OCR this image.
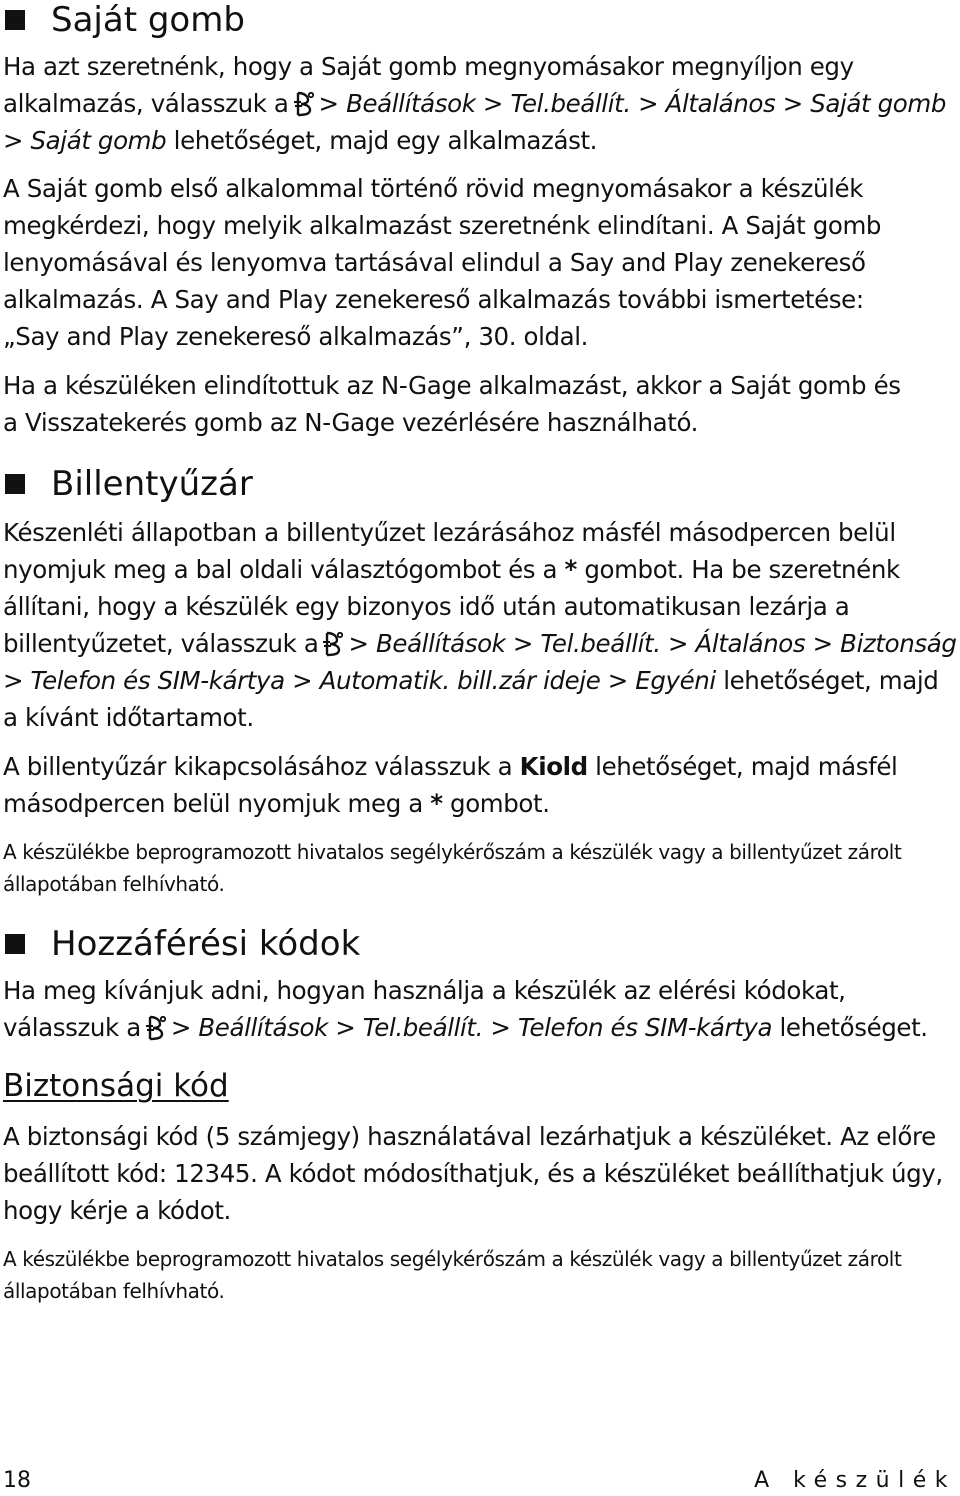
Saját gomb

Ha azt szeretnénk, hogy a Saját gomb megnyomásakor megnyíljon egy alkalmazás, válasszuk a > Beállítások > Tel.beállít. > Általános > Saját gomb > Saját gomb lehetőséget, majd egy alkalmazást.

A Saját gomb első alkalommal történő rövid megnyomásakor a készülék megkérdezi, hogy melyik alkalmazást szeretnénk elindítani. A Saját gomb lenyomásával és lenyomva tartásával elindul a Say and Play zenekereső alkalmazás. A Say and Play zenekereső alkalmazás további ismertetése: „Say and Play zenekereső alkalmazás”, 30. oldal.

Ha a készüléken elindítottuk az N-Gage alkalmazást, akkor a Saját gomb és a Visszatekerés gomb az N-Gage vezérlésére használható.

Billentyűzár

Készenléti állapotban a billentyűzet lezárásához másfél másodpercen belül nyomjuk meg a bal oldali választógombot és a * gombot. Ha be szeretnénk állítani, hogy a készülék egy bizonyos idő után automatikusan lezárja a billentyűzetet, válasszuk a > Beállítások > Tel.beállít. > Általános > Biztonság > Telefon és SIM-kártya > Automatik. bill.zár ideje > Egyéni lehetőséget, majd a kívánt időtartamot.

A billentyűzár kikapcsolásához válasszuk a Kiold lehetőséget, majd másfél másodpercen belül nyomjuk meg a * gombot.

A készülékbe beprogramozott hivatalos segélykérőszám a készülék vagy a billentyűzet zárolt állapotában felhívható.

Hozzáférési kódok

Ha meg kívánjuk adni, hogyan használja a készülék az elérési kódokat, válasszuk a > Beállítások > Tel.beállít. > Telefon és SIM-kártya lehetőséget.

Biztonsági kód

A biztonsági kód (5 számjegy) használatával lezárhatjuk a készüléket. Az előre beállított kód: 12345. A kódot módosíthatjuk, és a készüléket beállíthatjuk úgy, hogy kérje a kódot.

A készülékbe beprogramozott hivatalos segélykérőszám a készülék vagy a billentyűzet zárolt állapotában felhívható.

18	A készülék
